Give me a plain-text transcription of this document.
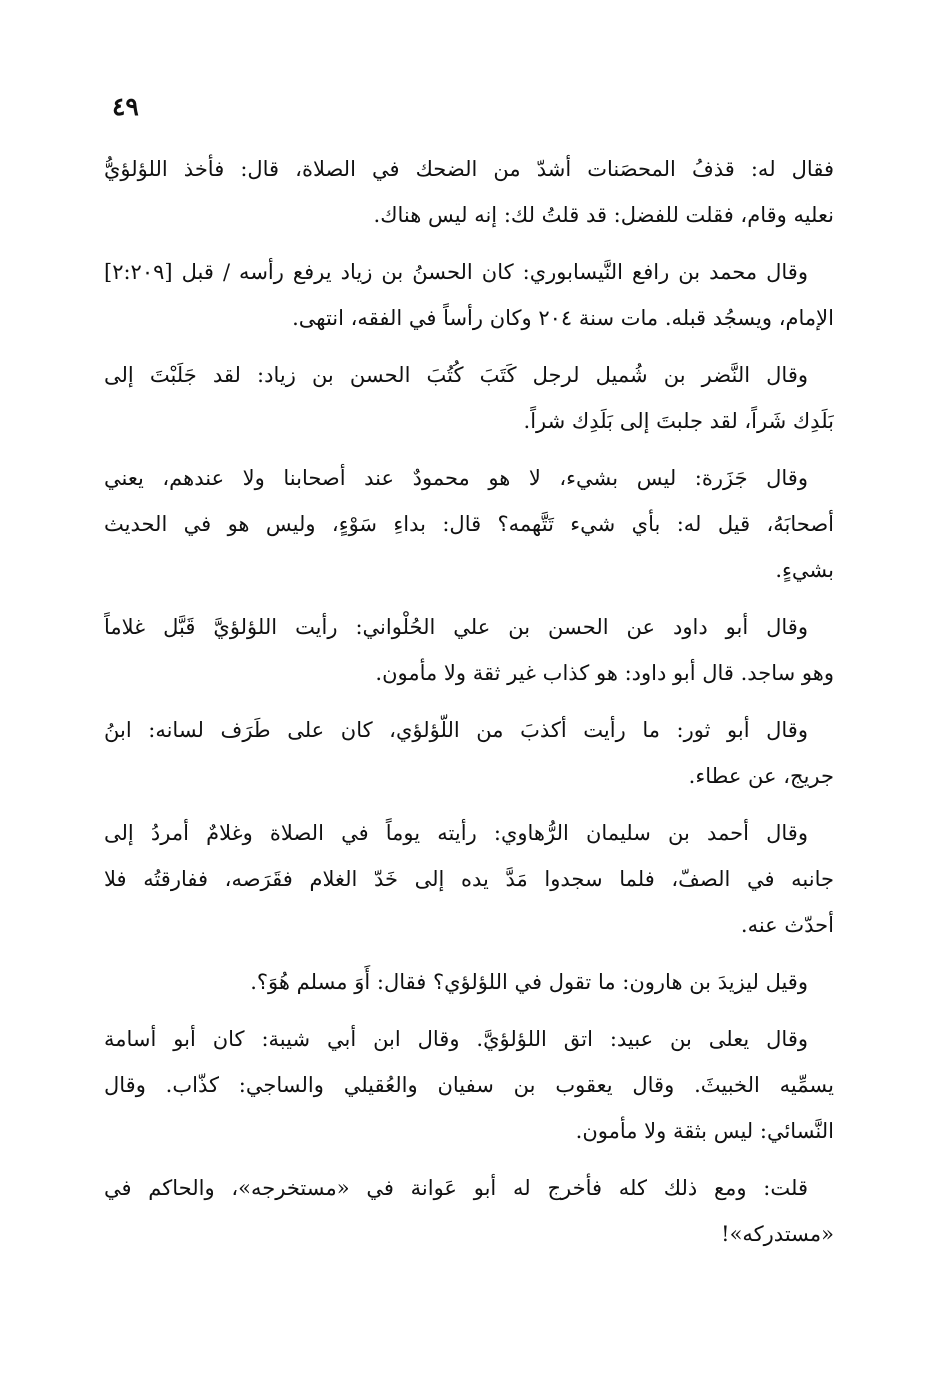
٤٩

فقال له: قذفُ المحصَنات أشدّ من الضحك في الصلاة، قال: فأخذ اللؤلؤيُّ
نعليه وقام، فقلت للفضل: قد قلتُ لك: إنه ليس هناك.

وقال محمد بن رافع النَّيسابوري: كان الحسنُ بن زياد يرفع رأسه / قبل [٢:٢٠٩]
الإمام، ويسجُد قبله. مات سنة ٢٠٤ وكان رأساً في الفقه، انتهى.

وقال النَّضر بن شُميل لرجل كَتَبَ كُتُبَ الحسن بن زياد: لقد جَلَبْتَ إلى
بَلَدِك شَراً، لقد جلبتَ إلى بَلَدِك شراً.

وقال جَزَرة: ليس بشيء، لا هو محمودٌ عند أصحابنا ولا عندهم، يعني
أصحابَهُ، قيل له: بأي شيء تَتَّهمه؟ قال: بداءِ سَوْءٍ، وليس هو في الحديث
بشيءٍ.

وقال أبو داود عن الحسن بن علي الحُلْواني: رأيت اللؤلؤيَّ قَبَّل غلاماً
وهو ساجد. قال أبو داود: هو كذاب غير ثقة ولا مأمون.

وقال أبو ثور: ما رأيت أكذبَ من اللّؤلؤي، كان على طَرَف لسانه: ابنُ
جريج، عن عطاء.

وقال أحمد بن سليمان الرُّهاوي: رأيته يوماً في الصلاة وغلامٌ أمردُ إلى
جانبه في الصفّ، فلما سجدوا مَدَّ يده إلى خَدّ الغلام فقَرَصه، ففارقتُه فلا
أحدّث عنه.

وقيل ليزيدَ بن هارون: ما تقول في اللؤلؤي؟ فقال: أَوَ مسلم هُوَ؟.

وقال يعلى بن عبيد: اتق اللؤلؤيَّ. وقال ابن أبي شيبة: كان أبو أسامة
يسمِّيه الخبيثَ. وقال يعقوب بن سفيان والعُقيلي والساجي: كذّاب. وقال
النَّسائي: ليس بثقة ولا مأمون.

قلت: ومع ذلك كله فأخرج له أبو عَوانة في «مستخرجه»، والحاكم في
«مستدركه»!
